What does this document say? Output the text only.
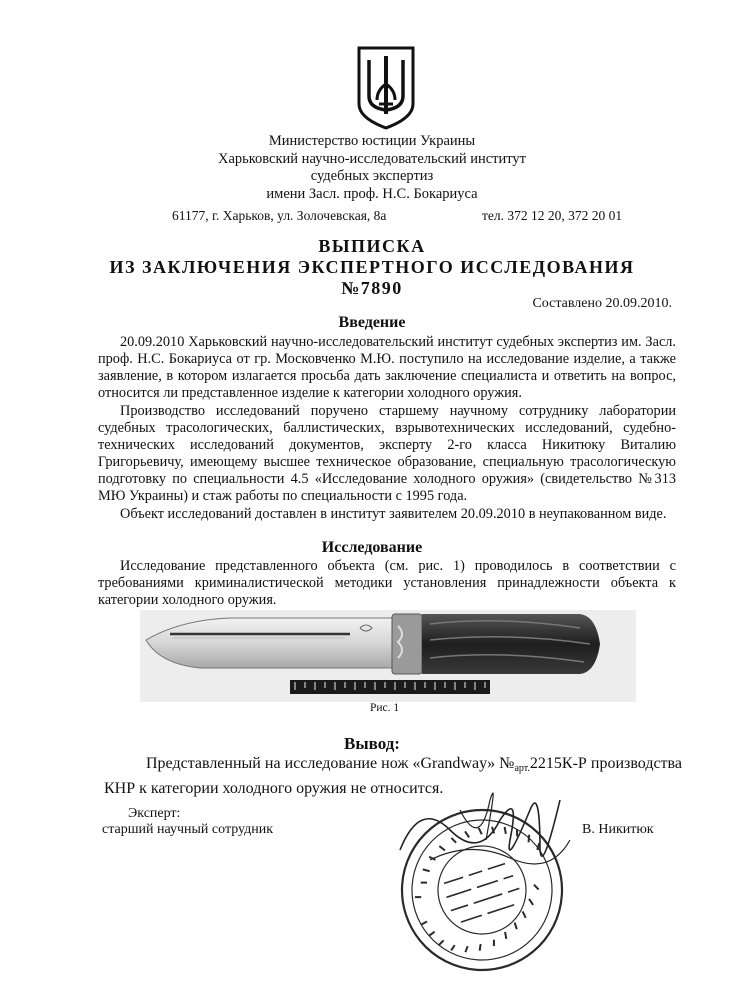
Министерство юстиции Украины
Харьковский научно-исследовательский институт
судебных экспертиз
имени Засл. проф. Н.С. Бокариуса
61177, г. Харьков, ул. Золочевская, 8а	тел. 372 12 20, 372 20 01
ВЫПИСКА
ИЗ ЗАКЛЮЧЕНИЯ ЭКСПЕРТНОГО ИССЛЕДОВАНИЯ
№7890
Составлено 20.09.2010.
Введение

20.09.2010 Харьковский научно-исследовательский институт судебных экспертиз им. Засл. проф. Н.С. Бокариуса от гр. Московченко М.Ю. поступило на исследование изделие, а также заявление, в котором излагается просьба дать заключение специалиста и ответить на вопрос, относится ли представленное изделие к категории холодного оружия.

Производство исследований поручено старшему научному сотруднику лаборатории судебных трасологических, баллистических, взрывотехнических исследований, судебно-технических исследований документов, эксперту 2-го класса Никитюку Виталию Григорьевичу, имеющему высшее техническое образование, специальную трасологическую подготовку по специальности 4.5 «Исследование холодного оружия» (свидетельство №313 МЮ Украины) и стаж работы по специальности с 1995 года.

Объект исследований доставлен в институт заявителем 20.09.2010 в неупакованном виде.

Исследование

Исследование представленного объекта (см. рис. 1) проводилось в соответствии с требованиями криминалистической методики установления принадлежности объекта к категории холодного оружия.

Рис. 1
Вывод:

Представленный на исследование нож «Grandway» $№_{арт.}2215К-Р$ производства КНР к категории холодного оружия не относится.

Эксперт:
старший научный сотрудник	В. Никитюк
